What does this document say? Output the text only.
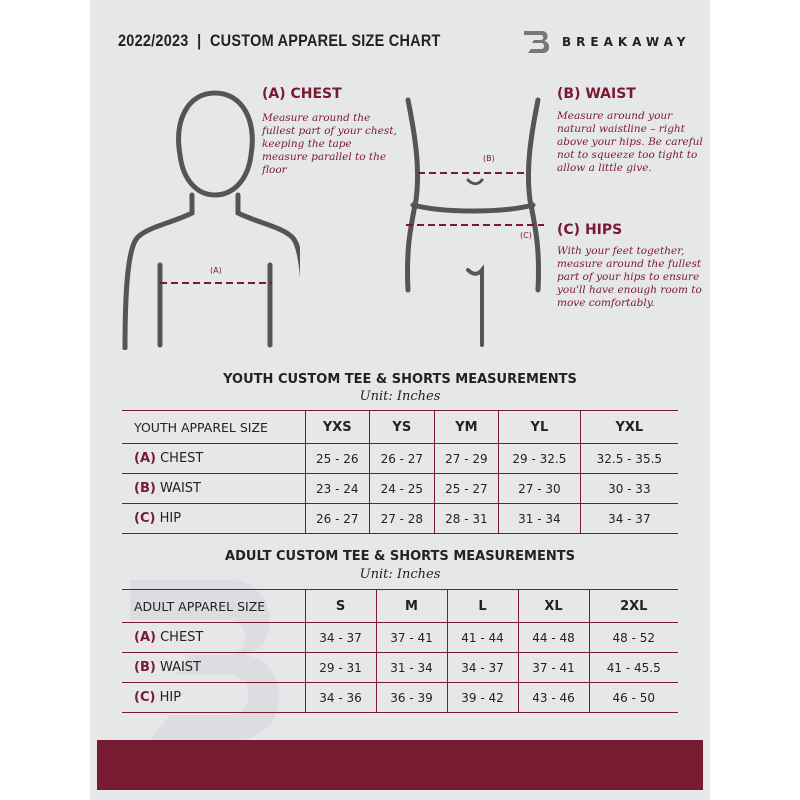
2022/2023  |  CUSTOM APPAREL SIZE CHART	BREAKAWAY
(A)
(A) CHEST
Measure around the fullest part of your chest, keeping the tape measure parallel to the floor
(B)
(C)
(B) WAIST
Measure around your natural waistline – right above your hips. Be careful not to squeeze too tight to allow a little give.
(C) HIPS
With your feet together, measure around the fullest part of your hips to ensure you'll have enough room to move comfortably.
YOUTH CUSTOM TEE & SHORTS MEASUREMENTS
Unit: Inches
YOUTH APPAREL SIZE	YXS	YS	YM	YL	YXL
(A) CHEST	25 - 26	26 - 27	27 - 29	29 - 32.5	32.5 - 35.5
(B) WAIST	23 - 24	24 - 25	25 - 27	27 - 30	30 - 33
(C) HIP	26 - 27	27 - 28	28 - 31	31 - 34	34 - 37
ADULT CUSTOM TEE & SHORTS MEASUREMENTS
Unit: Inches
ADULT APPAREL SIZE	S	M	L	XL	2XL
(A) CHEST	34 - 37	37 - 41	41 - 44	44 - 48	48 - 52
(B) WAIST	29 - 31	31 - 34	34 - 37	37 - 41	41 - 45.5
(C) HIP	34 - 36	36 - 39	39 - 42	43 - 46	46 - 50
